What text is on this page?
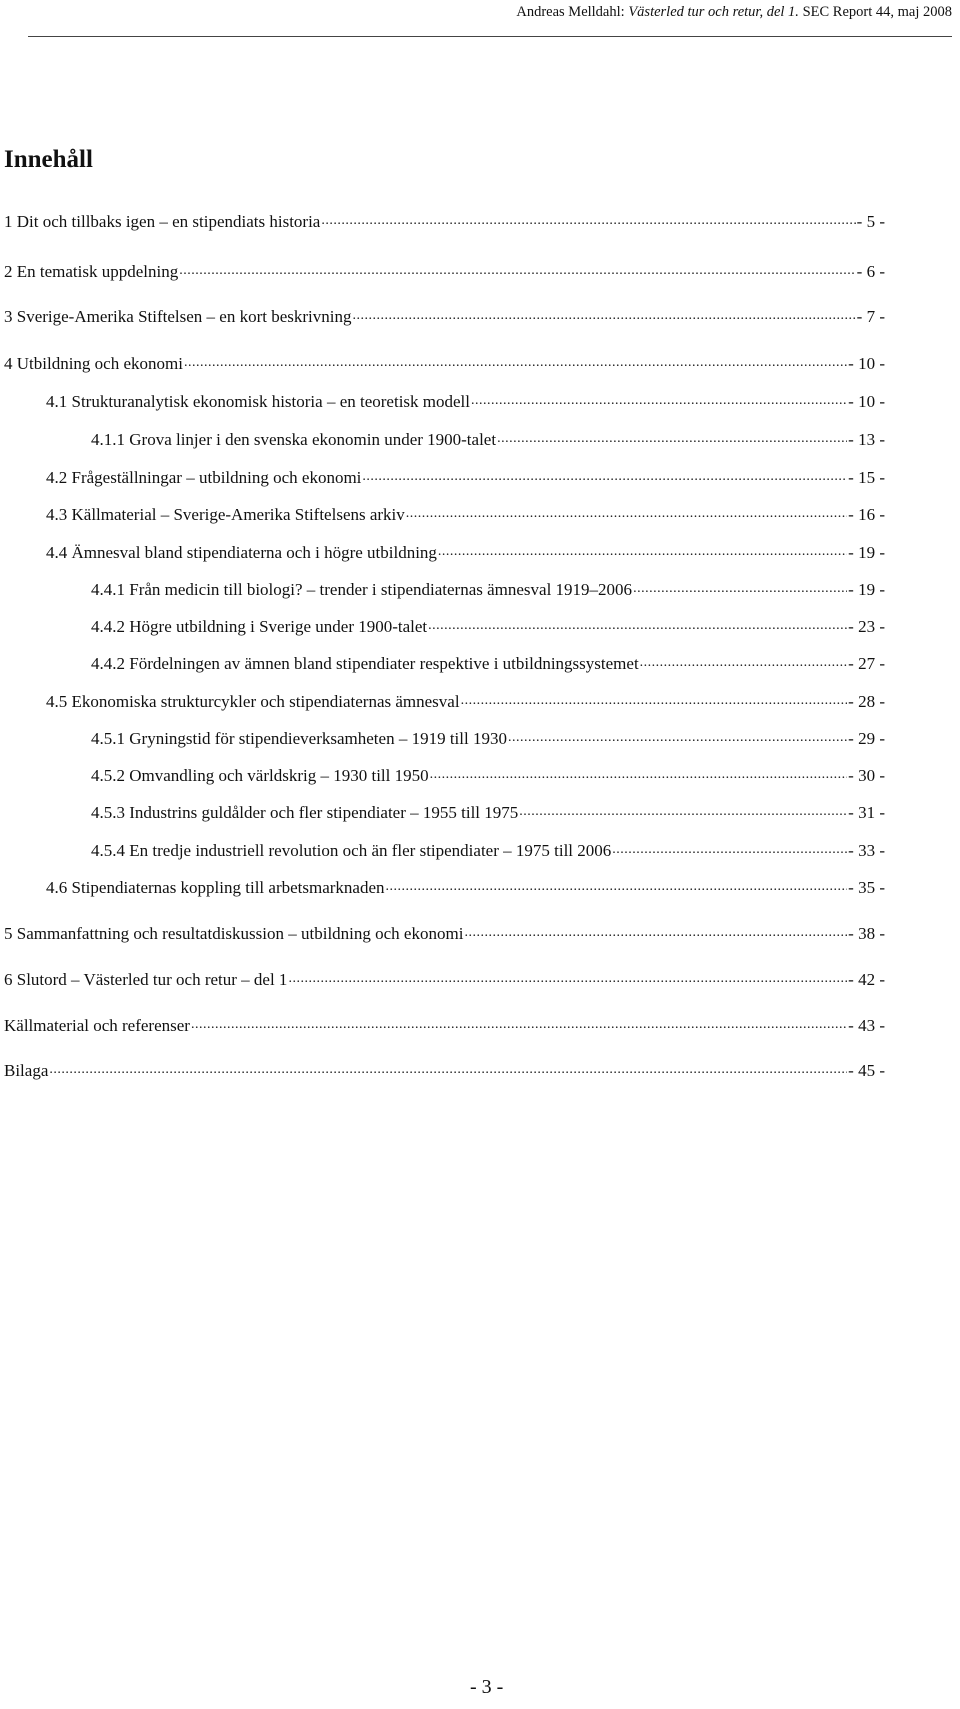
Andreas Melldahl: Västerled tur och retur, del 1. SEC Report 44, maj 2008
Innehåll
1 Dit och tillbaks igen – en stipendiats historia .....	- 5 -
2 En tematisk uppdelning .....	- 6 -
3 Sverige-Amerika Stiftelsen – en kort beskrivning .....	- 7 -
4 Utbildning och ekonomi .....	- 10 -
4.1 Strukturanalytisk ekonomisk historia – en teoretisk modell .....	- 10 -
4.1.1 Grova linjer i den svenska ekonomin under 1900-talet .....	- 13 -
4.2 Frågeställningar – utbildning och ekonomi .....	- 15 -
4.3 Källmaterial – Sverige-Amerika Stiftelsens arkiv .....	- 16 -
4.4 Ämnesval bland stipendiaterna och i högre utbildning .....	- 19 -
4.4.1 Från medicin till biologi? – trender i stipendiaternas ämnesval 1919–2006 .....	- 19 -
4.4.2 Högre utbildning i Sverige under 1900-talet .....	- 23 -
4.4.2 Fördelningen av ämnen bland stipendiater respektive i utbildningssystemet .....	- 27 -
4.5 Ekonomiska strukturcykler och stipendiaternas ämnesval .....	- 28 -
4.5.1 Gryningstid för stipendieverksamheten – 1919 till 1930 .....	- 29 -
4.5.2 Omvandling och världskrig – 1930 till 1950 .....	- 30 -
4.5.3 Industrins guldålder och fler stipendiater – 1955 till 1975 .....	- 31 -
4.5.4 En tredje industriell revolution och än fler stipendiater – 1975 till 2006 .....	- 33 -
4.6 Stipendiaternas koppling till arbetsmarknaden .....	- 35 -
5 Sammanfattning och resultatdiskussion – utbildning och ekonomi .....	- 38 -
6 Slutord – Västerled tur och retur – del 1 .....	- 42 -
Källmaterial och referenser .....	- 43 -
Bilaga .....	- 45 -
- 3 -
